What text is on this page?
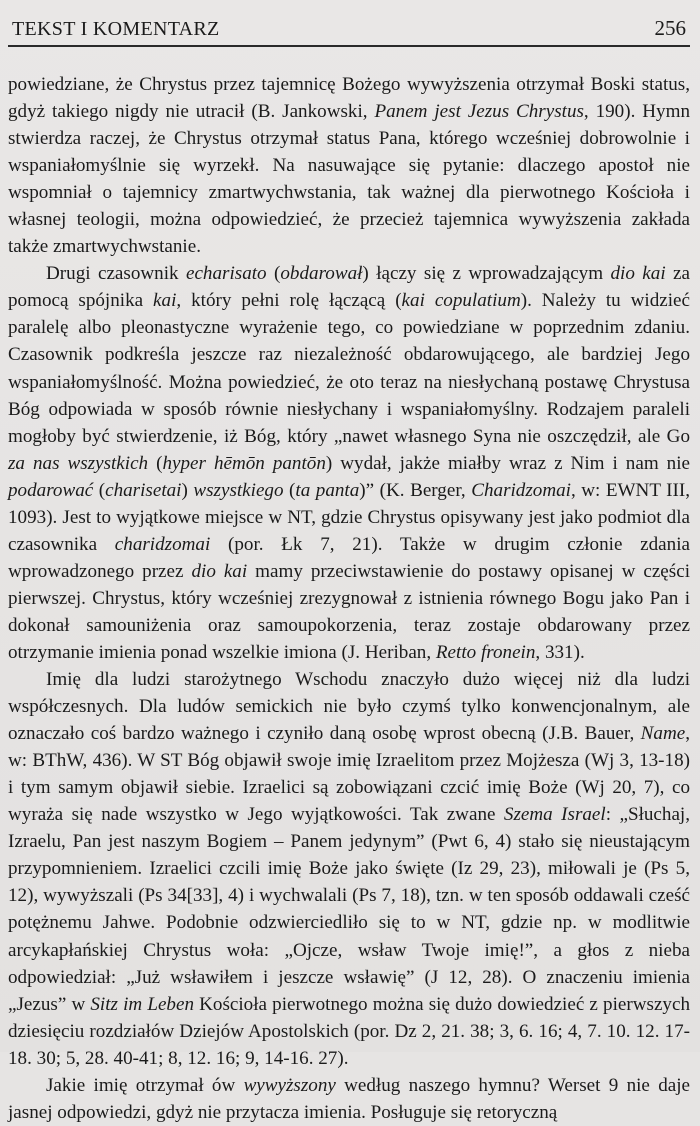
TEKST I KOMENTARZ	256

powiedziane, że Chrystus przez tajemnicę Bożego wywyższenia otrzymał Boski status, gdyż takiego nigdy nie utracił (B. Jankowski, Panem jest Jezus Chrystus, 190). Hymn stwierdza raczej, że Chrystus otrzymał status Pana, którego wcześniej dobrowolnie i wspaniałomyślnie się wyrzekł. Na nasuwające się pytanie: dlaczego apostoł nie wspomniał o tajemnicy zmartwychwstania, tak ważnej dla pierwotnego Kościoła i własnej teologii, można odpowiedzieć, że przecież tajemnica wywyższenia zakłada także zmartwychwstanie.

Drugi czasownik echarisato (obdarował) łączy się z wprowadzającym dio kai za pomocą spójnika kai, który pełni rolę łączącą (kai copulatium). Należy tu widzieć paralelę albo pleonastyczne wyrażenie tego, co powiedziane w poprzednim zdaniu. Czasownik podkreśla jeszcze raz niezależność obdarowującego, ale bardziej Jego wspaniałomyślność. Można powiedzieć, że oto teraz na niesłychaną postawę Chrystusa Bóg odpowiada w sposób równie niesłychany i wspaniałomyślny. Rodzajem paraleli mogłoby być stwierdzenie, iż Bóg, który „nawet własnego Syna nie oszczędził, ale Go za nas wszystkich (hyper hēmōn pantōn) wydał, jakże miałby wraz z Nim i nam nie podarować (charisetai) wszystkiego (ta panta)” (K. Berger, Charidzomai, w: EWNT III, 1093). Jest to wyjątkowe miejsce w NT, gdzie Chrystus opisywany jest jako podmiot dla czasownika charidzomai (por. Łk 7, 21). Także w drugim członie zdania wprowadzonego przez dio kai mamy przeciwstawienie do postawy opisanej w części pierwszej. Chrystus, który wcześniej zrezygnował z istnienia równego Bogu jako Pan i dokonał samouniżenia oraz samoupokorzenia, teraz zostaje obdarowany przez otrzymanie imienia ponad wszelkie imiona (J. Heriban, Retto fronein, 331).

Imię dla ludzi starożytnego Wschodu znaczyło dużo więcej niż dla ludzi współczesnych. Dla ludów semickich nie było czymś tylko konwencjonalnym, ale oznaczało coś bardzo ważnego i czyniło daną osobę wprost obecną (J.B. Bauer, Name, w: BThW, 436). W ST Bóg objawił swoje imię Izraelitom przez Mojżesza (Wj 3, 13-18) i tym samym objawił siebie. Izraelici są zobowiązani czcić imię Boże (Wj 20, 7), co wyraża się nade wszystko w Jego wyjątkowości. Tak zwane Szema Israel: „Słuchaj, Izraelu, Pan jest naszym Bogiem – Panem jedynym” (Pwt 6, 4) stało się nieustającym przypomnieniem. Izraelici czcili imię Boże jako święte (Iz 29, 23), miłowali je (Ps 5, 12), wywyższali (Ps 34[33], 4) i wychwalali (Ps 7, 18), tzn. w ten sposób oddawali cześć potężnemu Jahwe. Podobnie odzwierciedliło się to w NT, gdzie np. w modlitwie arcykapłańskiej Chrystus woła: „Ojcze, wsław Twoje imię!”, a głos z nieba odpowiedział: „Już wsławiłem i jeszcze wsławię” (J 12, 28). O znaczeniu imienia „Jezus” w Sitz im Leben Kościoła pierwotnego można się dużo dowiedzieć z pierwszych dziesięciu rozdziałów Dziejów Apostolskich (por. Dz 2, 21. 38; 3, 6. 16; 4, 7. 10. 12. 17-18. 30; 5, 28. 40-41; 8, 12. 16; 9, 14-16. 27).

Jakie imię otrzymał ów wywyższony według naszego hymnu? Werset 9 nie daje jasnej odpowiedzi, gdyż nie przytacza imienia. Posługuje się retoryczną
